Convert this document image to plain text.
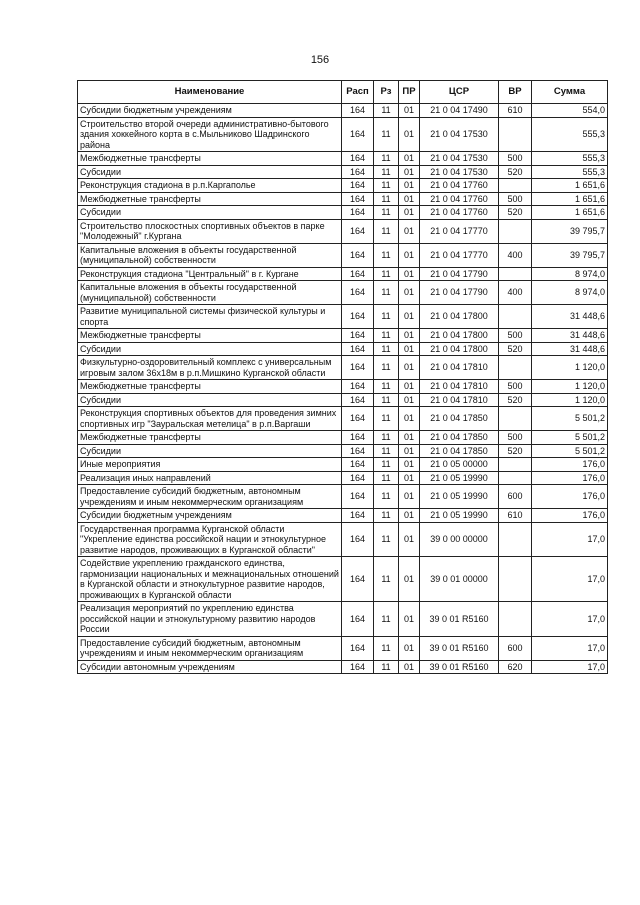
156
Наименование	Расп	Рз	ПР	ЦСР	ВР	Сумма
Субсидии бюджетным учреждениям	164	11	01	21 0 04 17490	610	554,0
Строительство второй очереди административно-бытового здания хоккейного корта в с.Мыльниково Шадринского района	164	11	01	21 0 04 17530		555,3
Межбюджетные трансферты	164	11	01	21 0 04 17530	500	555,3
Субсидии	164	11	01	21 0 04 17530	520	555,3
Реконструкция стадиона в р.п.Каргаполье	164	11	01	21 0 04 17760		1 651,6
Межбюджетные трансферты	164	11	01	21 0 04 17760	500	1 651,6
Субсидии	164	11	01	21 0 04 17760	520	1 651,6
Строительство плоскостных спортивных объектов в парке "Молодежный" г.Кургана	164	11	01	21 0 04 17770		39 795,7
Капитальные вложения в объекты государственной (муниципальной) собственности	164	11	01	21 0 04 17770	400	39 795,7
Реконструкция стадиона "Центральный" в г. Кургане	164	11	01	21 0 04 17790		8 974,0
Капитальные вложения в объекты государственной (муниципальной) собственности	164	11	01	21 0 04 17790	400	8 974,0
Развитие муниципальной системы физической культуры и спорта	164	11	01	21 0 04 17800		31 448,6
Межбюджетные трансферты	164	11	01	21 0 04 17800	500	31 448,6
Субсидии	164	11	01	21 0 04 17800	520	31 448,6
Физкультурно-оздоровительный комплекс с универсальным игровым залом 36x18м в р.п.Мишкино Курганской области	164	11	01	21 0 04 17810		1 120,0
Межбюджетные трансферты	164	11	01	21 0 04 17810	500	1 120,0
Субсидии	164	11	01	21 0 04 17810	520	1 120,0
Реконструкция спортивных объектов для проведения зимних спортивных игр "Зауральская метелица" в р.п.Варгаши	164	11	01	21 0 04 17850		5 501,2
Межбюджетные трансферты	164	11	01	21 0 04 17850	500	5 501,2
Субсидии	164	11	01	21 0 04 17850	520	5 501,2
Иные мероприятия	164	11	01	21 0 05 00000		176,0
Реализация иных направлений	164	11	01	21 0 05 19990		176,0
Предоставление субсидий бюджетным, автономным учреждениям и иным некоммерческим организациям	164	11	01	21 0 05 19990	600	176,0
Субсидии бюджетным учреждениям	164	11	01	21 0 05 19990	610	176,0
Государственная программа Курганской области "Укрепление единства российской нации и этнокультурное развитие народов, проживающих в Курганской области"	164	11	01	39 0 00 00000		17,0
Содействие укреплению гражданского единства, гармонизации национальных и межнациональных отношений в Курганской области и этнокультурное развитие народов, проживающих в Курганской области	164	11	01	39 0 01 00000		17,0
Реализация мероприятий по укреплению единства российской нации и этнокультурному развитию народов России	164	11	01	39 0 01 R5160		17,0
Предоставление субсидий бюджетным, автономным учреждениям и иным некоммерческим организациям	164	11	01	39 0 01 R5160	600	17,0
Субсидии автономным учреждениям	164	11	01	39 0 01 R5160	620	17,0
